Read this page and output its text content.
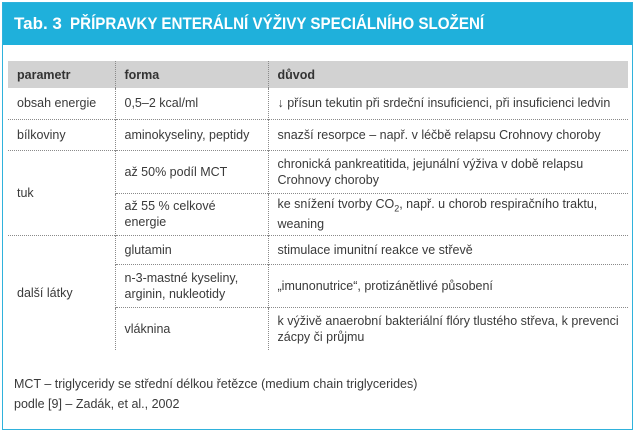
Tab. 3 PŘÍPRAVKY ENTERÁLNÍ VÝŽIVY SPECIÁLNÍHO SLOŽENÍ
parametr	forma	důvod
obsah energie	0,5–2 kcal/ml	↓ přísun tekutin při srdeční insuficienci, při insuficienci ledvin
bílkoviny	aminokyseliny, peptidy	snazší resorpce – např. v léčbě relapsu Crohnovy choroby
tuk	až 50% podíl MCT	chronická pankreatitida, jejunální výživa v době relapsu Crohnovy choroby
	až 55 % celkové energie	ke snížení tvorby $CO_2$, např. u chorob respiračního traktu, weaning
další látky	glutamin	stimulace imunitní reakce ve střevě
	n-3-mastné kyseliny, arginin, nukleotidy	„imunonutrice“, protizánětlivé působení
	vláknina	k výživě anaerobní bakteriální flóry tlustého střeva, k prevenci zácpy či průjmu
MCT – triglyceridy se střední délkou řetězce (medium chain triglycerides)
podle [9] – Zadák, et al., 2002
